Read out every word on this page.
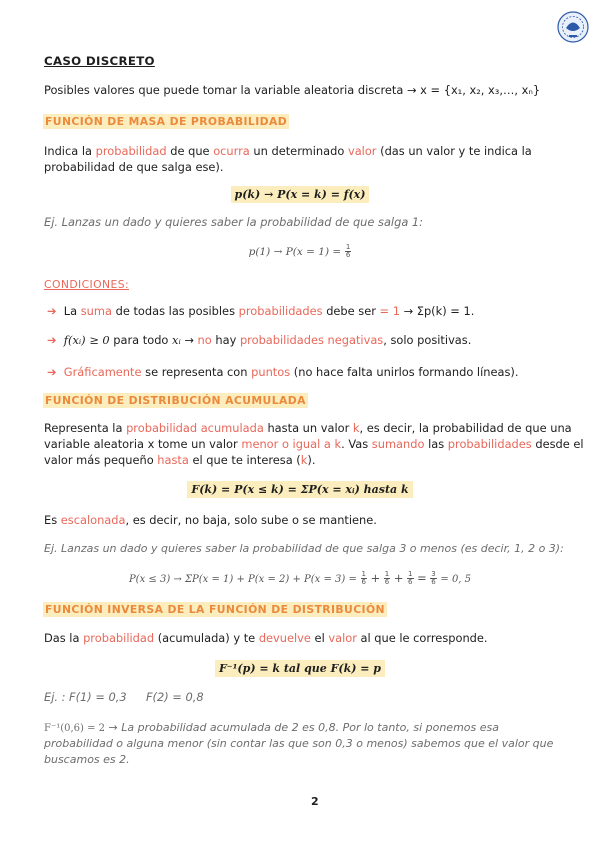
CASO DISCRETO
Posibles valores que puede tomar la variable aleatoria discreta → x = {x₁, x₂, x₃,…, xₙ}
FUNCIÓN DE MASA DE PROBABILIDAD
Indica la probabilidad de que ocurra un determinado valor (das un valor y te indica la
probabilidad de que salga ese).
p(k) → P(x = k) = f(x)
Ej. Lanzas un dado y quieres saber la probabilidad de que salga 1:
$p(1) \to P(x = 1) = \frac{1}{6}$
CONDICIONES:
➔ La suma de todas las posibles probabilidades debe ser = 1 → Σp(k) = 1.
➔ f(xᵢ) ≥ 0 para todo xᵢ → no hay probabilidades negativas, solo positivas.
➔ Gráficamente se representa con puntos (no hace falta unirlos formando líneas).
FUNCIÓN DE DISTRIBUCIÓN ACUMULADA
Representa la probabilidad acumulada hasta un valor k, es decir, la probabilidad de que una
variable aleatoria x tome un valor menor o igual a k. Vas sumando las probabilidades desde el
valor más pequeño hasta el que te interesa (k).
F(k) = P(x ≤ k) = ΣP(x = xᵢ) hasta k
Es escalonada, es decir, no baja, solo sube o se mantiene.
Ej. Lanzas un dado y quieres saber la probabilidad de que salga 3 o menos (es decir, 1, 2 o 3):
$P(x \le 3) \to \Sigma P(x = 1) + P(x = 2) + P(x = 3) = \frac{1}{6} + \frac{1}{6} + \frac{1}{6} = \frac{3}{6} = 0$, 5
FUNCIÓN INVERSA DE LA FUNCIÓN DE DISTRIBUCIÓN
Das la probabilidad (acumulada) y te devuelve el valor al que le corresponde.
F⁻¹(p) = k tal que F(k) = p
Ej. : F(1) = 0,3 F(2) = 0,8
F⁻¹(0,6) = 2 → La probabilidad acumulada de 2 es 0,8. Por lo tanto, si ponemos esa
probabilidad o alguna menor (sin contar las que son 0,3 o menos) sabemos que el valor que
buscamos es 2.
2
